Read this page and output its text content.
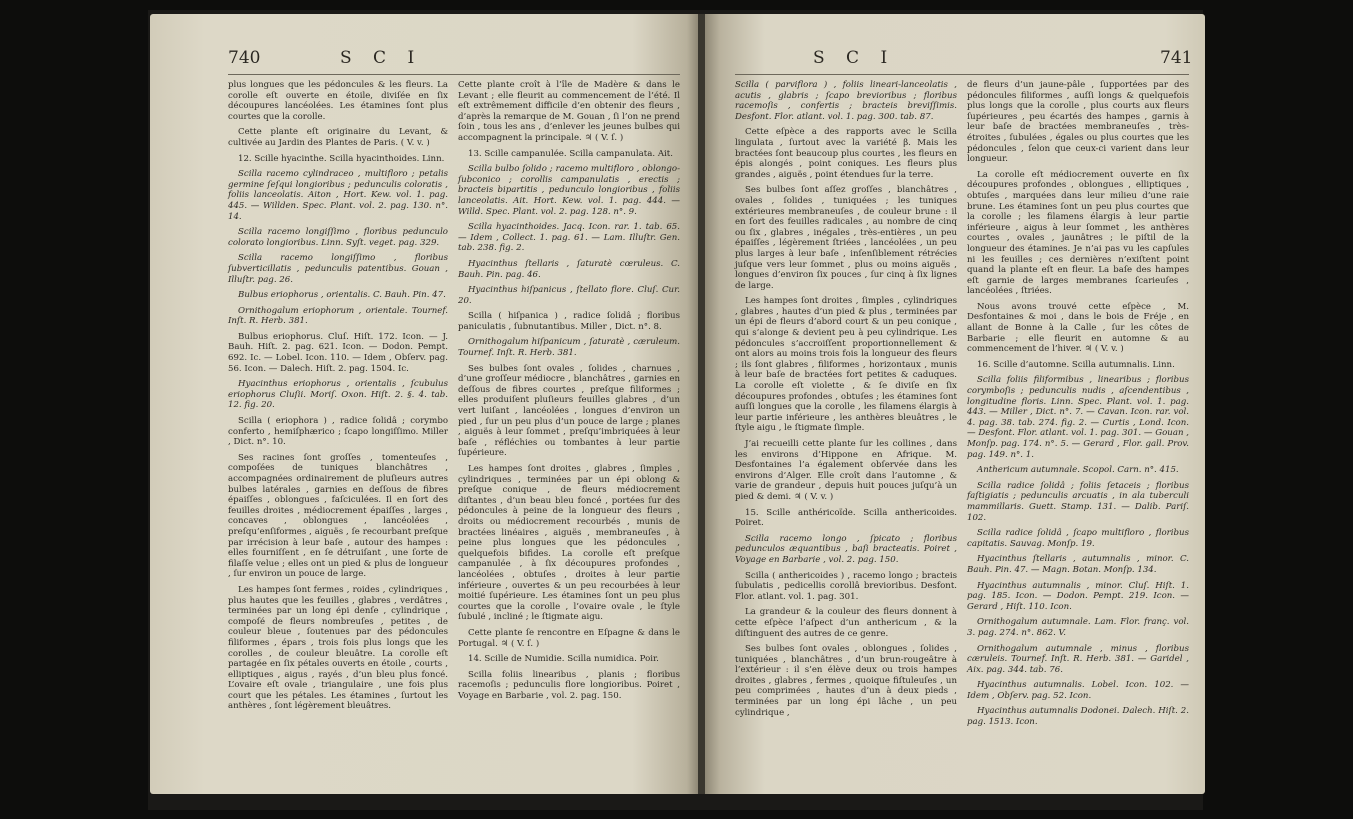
740	S C I

plus longues que les pédoncules & les fleurs. La corolle eſt ouverte en étoile, diviſée en ſix découpures lancéolées. Les étamines ſont plus courtes que la corolle.

Cette plante eſt originaire du Levant, & cultivée au Jardin des Plantes de Paris. ( V. v. )

12. Scille hyacinthe. Scilla hyacinthoides. Linn.

Scilla racemo cylindraceo , multifloro ; petalis germine ſeſqui longioribus ; pedunculis coloratis , foliis lanceolatis. Aiton , Hort. Kew. vol. 1. pag. 445. — Willden. Spec. Plant. vol. 2. pag. 130. n°. 14.

Scilla racemo longiſſimo , floribus pedunculo colorato longioribus. Linn. Syſt. veget. pag. 329.

Scilla racemo longiſſimo , floribus ſubverticillatis , pedunculis patentibus. Gouan , Illuſtr. pag. 26.

Bulbus eriophorus , orientalis. C. Bauh. Pin. 47.

Ornithogalum eriophorum , orientale. Tournef. Inſt. R. Herb. 381.

Bulbus eriophorus. Cluſ. Hiſt. 172. Icon. — J. Bauh. Hiſt. 2. pag. 621. Icon. — Dodon. Pempt. 692. Ic. — Lobel. Icon. 110. — Idem , Obſerv. pag. 56. Icon. — Dalech. Hiſt. 2. pag. 1504. Ic.

Hyacinthus eriophorus , orientalis , ſcubulus eriophorus Cluſii. Moriſ. Oxon. Hiſt. 2. §. 4. tab. 12. fig. 20.

Scilla ( eriophora ) , radice ſolidâ ; corymbo conferto , hemiſphærico ; ſcapo longiſſimo. Miller , Dict. n°. 10.

Ses racines ſont groſſes , tomenteuſes , compoſées de tuniques blanchâtres , accompagnées ordinairement de pluſieurs autres bulbes latérales , garnies en deſſous de fibres épaiſſes , oblongues , faſciculées. Il en ſort des feuilles droites , médiocrement épaiſſes , larges , concaves , oblongues , lancéolées , preſqu’enſiformes , aiguës , ſe recourbant preſque par irrécision à leur baſe , autour des hampes : elles fourniſſent , en ſe détruiſant , une ſorte de filaſſe velue ; elles ont un pied & plus de longueur , ſur environ un pouce de large.

Les hampes ſont fermes , roides , cylindriques , plus hautes que les feuilles , glabres , verdâtres , terminées par un long épi denſe , cylindrique , compoſé de fleurs nombreuſes , petites , de couleur bleue , ſoutenues par des pédoncules filiformes , épars , trois fois plus longs que les corolles , de couleur bleuâtre. La corolle eſt partagée en ſix pétales ouverts en étoile , courts , elliptiques , aigus , rayés , d’un bleu plus foncé. L’ovaire eſt ovale , triangulaire , une fois plus court que les pétales. Les étamines , ſurtout les anthères , ſont légèrement bleuâtres.

Cette plante croît à l’île de Madère & dans le Levant ; elle fleurit au commencement de l’été. Il eſt extrêmement difficile d’en obtenir des fleurs , d’après la remarque de M. Gouan , ſi l’on ne prend ſoin , tous les ans , d’enlever les jeunes bulbes qui accompagnent la principale. ♃ ( V. ſ. )

13. Scille campanulée. Scilla campanulata. Ait.

Scilla bulbo ſolido ; racemo multifloro , oblongo-ſubconico ; corollis campanulatis , erectis ; bracteis bipartitis , pedunculo longioribus , foliis lanceolatis. Ait. Hort. Kew. vol. 1. pag. 444. — Willd. Spec. Plant. vol. 2. pag. 128. n°. 9.

Scilla hyacinthoides. Jacq. Icon. rar. 1. tab. 65. — Idem , Collect. 1. pag. 61. — Lam. Illuſtr. Gen. tab. 238. fig. 2.

Hyacinthus ſtellaris , ſaturatè cœruleus. C. Bauh. Pin. pag. 46.

Hyacinthus hiſpanicus , ſtellato flore. Cluſ. Cur. 20.

Scilla ( hiſpanica ) , radice ſolidâ ; floribus paniculatis , ſubnutantibus. Miller , Dict. n°. 8.

Ornithogalum hiſpanicum , ſaturatè , cæruleum. Tournef. Inſt. R. Herb. 381.

Ses bulbes ſont ovales , ſolides , charnues , d’une groſſeur médiocre , blanchâtres , garnies en deſſous de fibres courtes , preſque filiformes ; elles produiſent pluſieurs feuilles glabres , d’un vert luiſant , lancéolées , longues d’environ un pied , ſur un peu plus d’un pouce de large ; planes , aiguës à leur ſommet , preſqu’imbriquées à leur baſe , réfléchies ou tombantes à leur partie ſupérieure.

Les hampes ſont droites , glabres , ſimples , cylindriques , terminées par un épi oblong & preſque conique , de fleurs médiocrement diſtantes , d’un beau bleu foncé , portées ſur des pédoncules à peine de la longueur des fleurs , droits ou médiocrement recourbés , munis de bractées linéaires , aiguës , membraneuſes , à peine plus longues que les pédoncules , quelquefois bifides. La corolle eſt preſque campanulée , à ſix découpures profondes , lancéolées , obtuſes , droites à leur partie inférieure , ouvertes & un peu recourbées à leur moitié ſupérieure. Les étamines ſont un peu plus courtes que la corolle , l’ovaire ovale , le ſtyle ſubulé , incliné ; le ſtigmate aigu.

Cette plante ſe rencontre en Eſpagne & dans le Portugal. ♃ ( V. ſ. )

14. Scille de Numidie. Scilla numidica. Poir.

Scilla foliis linearibus , planis ; floribus racemoſis ; pedunculis flore longioribus. Poiret , Voyage en Barbarie , vol. 2. pag. 150.

S C I	741

Scilla ( parviflora ) , foliis lineari-lanceolatis , acutis , glabris ; ſcapo brevioribus ; floribus racemoſis , confertis ; bracteis breviſſimis. Desfont. Flor. atlant. vol. 1. pag. 300. tab. 87.

Cette eſpèce a des rapports avec le Scilla lingulata , ſurtout avec la variété β. Mais les bractées ſont beaucoup plus courtes , les fleurs en épis alongés , point coniques. Les fleurs plus grandes , aiguës , point étendues ſur la terre.

Ses bulbes ſont aſſez groſſes , blanchâtres , ovales , ſolides , tuniquées ; les tuniques extérieures membraneuſes , de couleur brune : il en ſort des feuilles radicales , au nombre de cinq ou ſix , glabres , inégales , très-entières , un peu épaiſſes , légèrement ſtriées , lancéolées , un peu plus larges à leur baſe , inſenſiblement rétrécies juſque vers leur ſommet , plus ou moins aiguës , longues d’environ ſix pouces , ſur cinq à ſix lignes de large.

Les hampes ſont droites , ſimples , cylindriques , glabres , hautes d’un pied & plus , terminées par un épi de fleurs d’abord court & un peu conique , qui s’alonge & devient peu à peu cylindrique. Les pédoncules s’accroiſſent proportionnellement & ont alors au moins trois fois la longueur des fleurs ; ils ſont glabres , filiformes , horizontaux , munis à leur baſe de bractées fort petites & caduques. La corolle eſt violette , & ſe diviſe en ſix découpures profondes , obtuſes ; les étamines ſont auſſi longues que la corolle , les filamens élargis à leur partie inférieure , les anthères bleuâtres , le ſtyle aigu , le ſtigmate ſimple.

J’ai recueilli cette plante ſur les collines , dans les environs d’Hippone en Afrique. M. Desfontaines l’a également obſervée dans les environs d’Alger. Elle croît dans l’automne , & varie de grandeur , depuis huit pouces juſqu’à un pied & demi. ♃ ( V. v. )

15. Scille anthéricoïde. Scilla anthericoides. Poiret.

Scilla racemo longo , ſpicato ; floribus pedunculos æquantibus , baſi bracteatis. Poiret , Voyage en Barbarie , vol. 2. pag. 150.

Scilla ( anthericoides ) , racemo longo ; bracteis ſubulatis , pedicellis corollâ brevioribus. Desfont. Flor. atlant. vol. 1. pag. 301.

La grandeur & la couleur des fleurs donnent à cette eſpèce l’aſpect d’un anthericum , & la diſtinguent des autres de ce genre.

Ses bulbes ſont ovales , oblongues , ſolides , tuniquées , blanchâtres , d’un brun-rougeâtre à l’extérieur : il s’en élève deux ou trois hampes droites , glabres , fermes , quoique fiſtuleuſes , un peu comprimées , hautes d’un à deux pieds , terminées par un long épi lâche , un peu cylindrique ,

de fleurs d’un jaune-pâle , ſupportées par des pédoncules filiformes , auſſi longs & quelquefois plus longs que la corolle , plus courts aux fleurs ſupérieures , peu écartés des hampes , garnis à leur baſe de bractées membraneuſes , très-étroites , ſubulées , égales ou plus courtes que les pédoncules , ſelon que ceux-ci varient dans leur longueur.

La corolle eſt médiocrement ouverte en ſix découpures profondes , oblongues , elliptiques , obtuſes , marquées dans leur milieu d’une raie brune. Les étamines ſont un peu plus courtes que la corolle ; les filamens élargis à leur partie inférieure , aigus à leur ſommet , les anthères courtes , ovales , jaunâtres ; le piſtil de la longueur des étamines. Je n’ai pas vu les capſules ni les feuilles ; ces dernières n’exiſtent point quand la plante eſt en fleur. La baſe des hampes eſt garnie de larges membranes ſcarieuſes , lancéolées , ſtriées.

Nous avons trouvé cette eſpèce , M. Desfontaines & moi , dans le bois de Fréje , en allant de Bonne à la Calle , ſur les côtes de Barbarie ; elle fleurit en automne & au commencement de l’hiver. ♃ ( V. v. )

16. Scille d’automne. Scilla autumnalis. Linn.

Scilla foliis filiformibus , linearibus ; floribus corymboſis ; pedunculis nudis , aſcendentibus , longitudine floris. Linn. Spec. Plant. vol. 1. pag. 443. — Miller , Dict. n°. 7. — Cavan. Icon. rar. vol. 4. pag. 38. tab. 274. fig. 2. — Curtis , Lond. Icon. — Desfont. Flor. atlant. vol. 1. pag. 301. — Gouan , Monſp. pag. 174. n°. 5. — Gerard , Flor. gall. Prov. pag. 149. n°. 1.

Anthericum autumnale. Scopol. Carn. n°. 415.

Scilla radice ſolidâ ; foliis ſetaceis ; floribus faſtigiatis ; pedunculis arcuatis , in ala tuberculi mammillaris. Guett. Stamp. 131. — Dalib. Pariſ. 102.

Scilla radice ſolidâ , ſcapo multifloro , floribus capitatis. Sauvag. Monſp. 19.

Hyacinthus ſtellaris , autumnalis , minor. C. Bauh. Pin. 47. — Magn. Botan. Monſp. 134.

Hyacinthus autumnalis , minor. Cluſ. Hiſt. 1. pag. 185. Icon. — Dodon. Pempt. 219. Icon. — Gerard , Hiſt. 110. Icon.

Ornithogalum autumnale. Lam. Flor. franç. vol. 3. pag. 274. n°. 862. V.

Ornithogalum autumnale , minus , floribus cæruleis. Tournef. Inſt. R. Herb. 381. — Garidel , Aix. pag. 344. tab. 76.

Hyacinthus autumnalis. Lobel. Icon. 102. — Idem , Obſerv. pag. 52. Icon.

Hyacinthus autumnalis Dodonei. Dalech. Hiſt. 2. pag. 1513. Icon.
